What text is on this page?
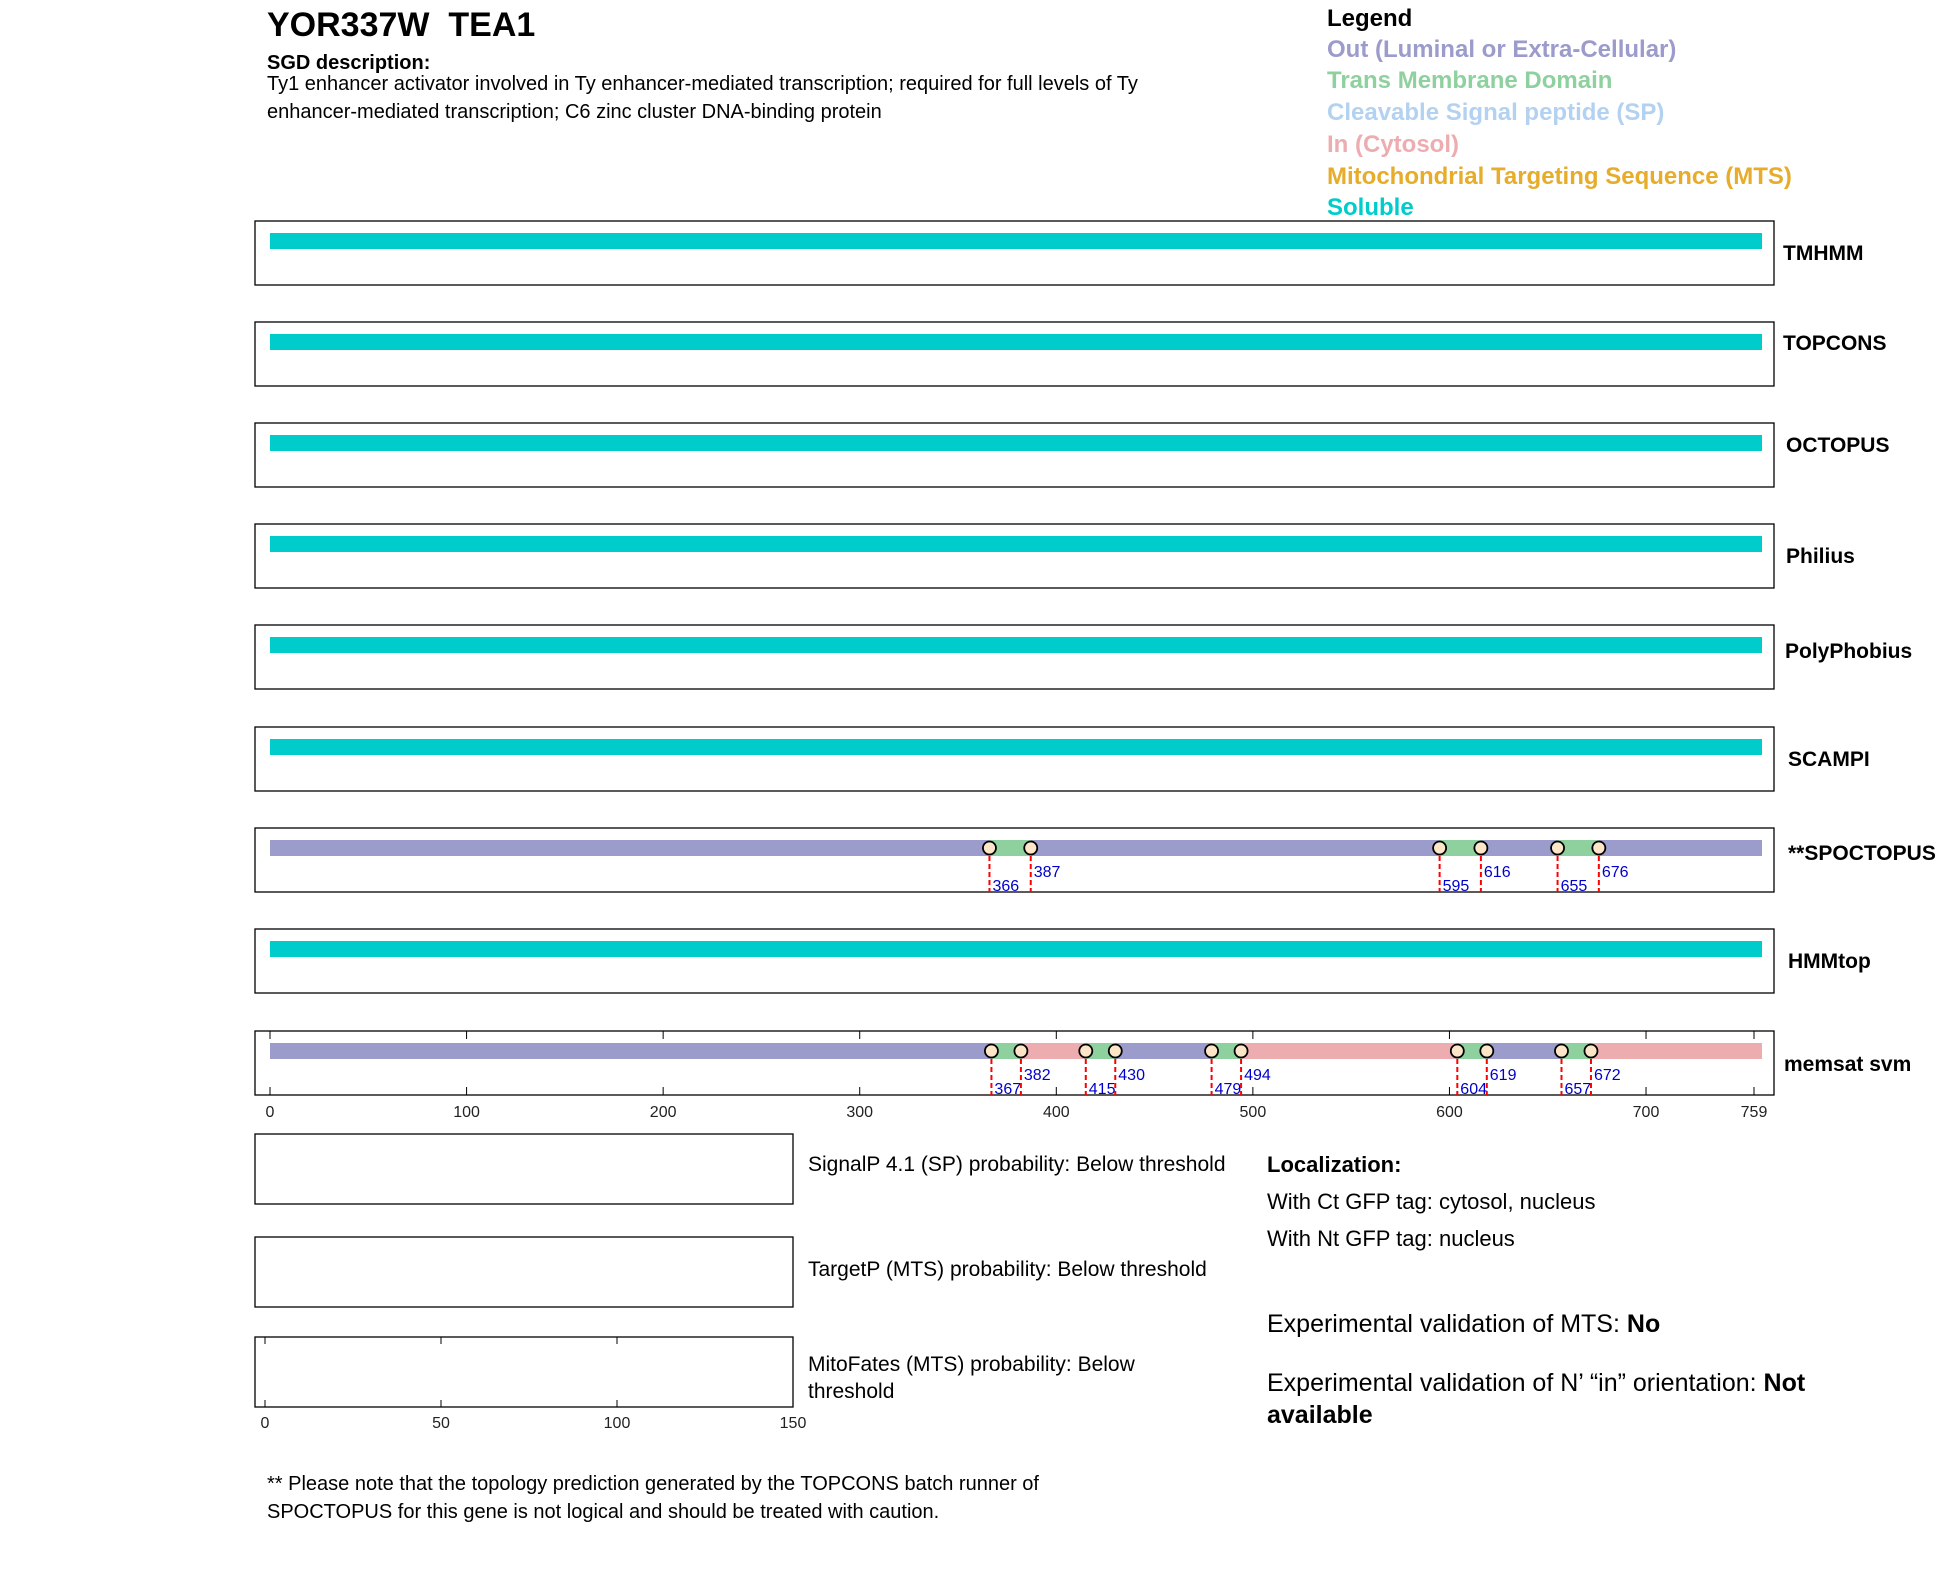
YOR337W  TEA1
SGD description:
Ty1 enhancer activator involved in Ty enhancer-mediated transcription; required for full levels of Ty enhancer-mediated transcription; C6 zinc cluster DNA-binding protein
Legend
Out (Luminal or Extra-Cellular)
Trans Membrane Domain
Cleavable Signal peptide (SP)
In (Cytosol)
Mitochondrial Targeting Sequence (MTS)
Soluble
366
387
595
616
655
676
367
382
415
430
479
494
604
619
657
672
0	100	200	300	400	500	600	700	759
TMHMM
TOPCONS
OCTOPUS
Philius
PolyPhobius
SCAMPI
**SPOCTOPUS
HMMtop
memsat svm
0	50	100	150
SignalP 4.1 (SP) probability: Below threshold
TargetP (MTS) probability: Below threshold
MitoFates (MTS) probability: Below
threshold
Localization:
With Ct GFP tag: cytosol, nucleus
With Nt GFP tag: nucleus
Experimental validation of MTS: No
Experimental validation of N’ “in” orientation: Not
available
** Please note that the topology prediction generated by the TOPCONS batch runner of SPOCTOPUS for this gene is not logical and should be treated with caution.
